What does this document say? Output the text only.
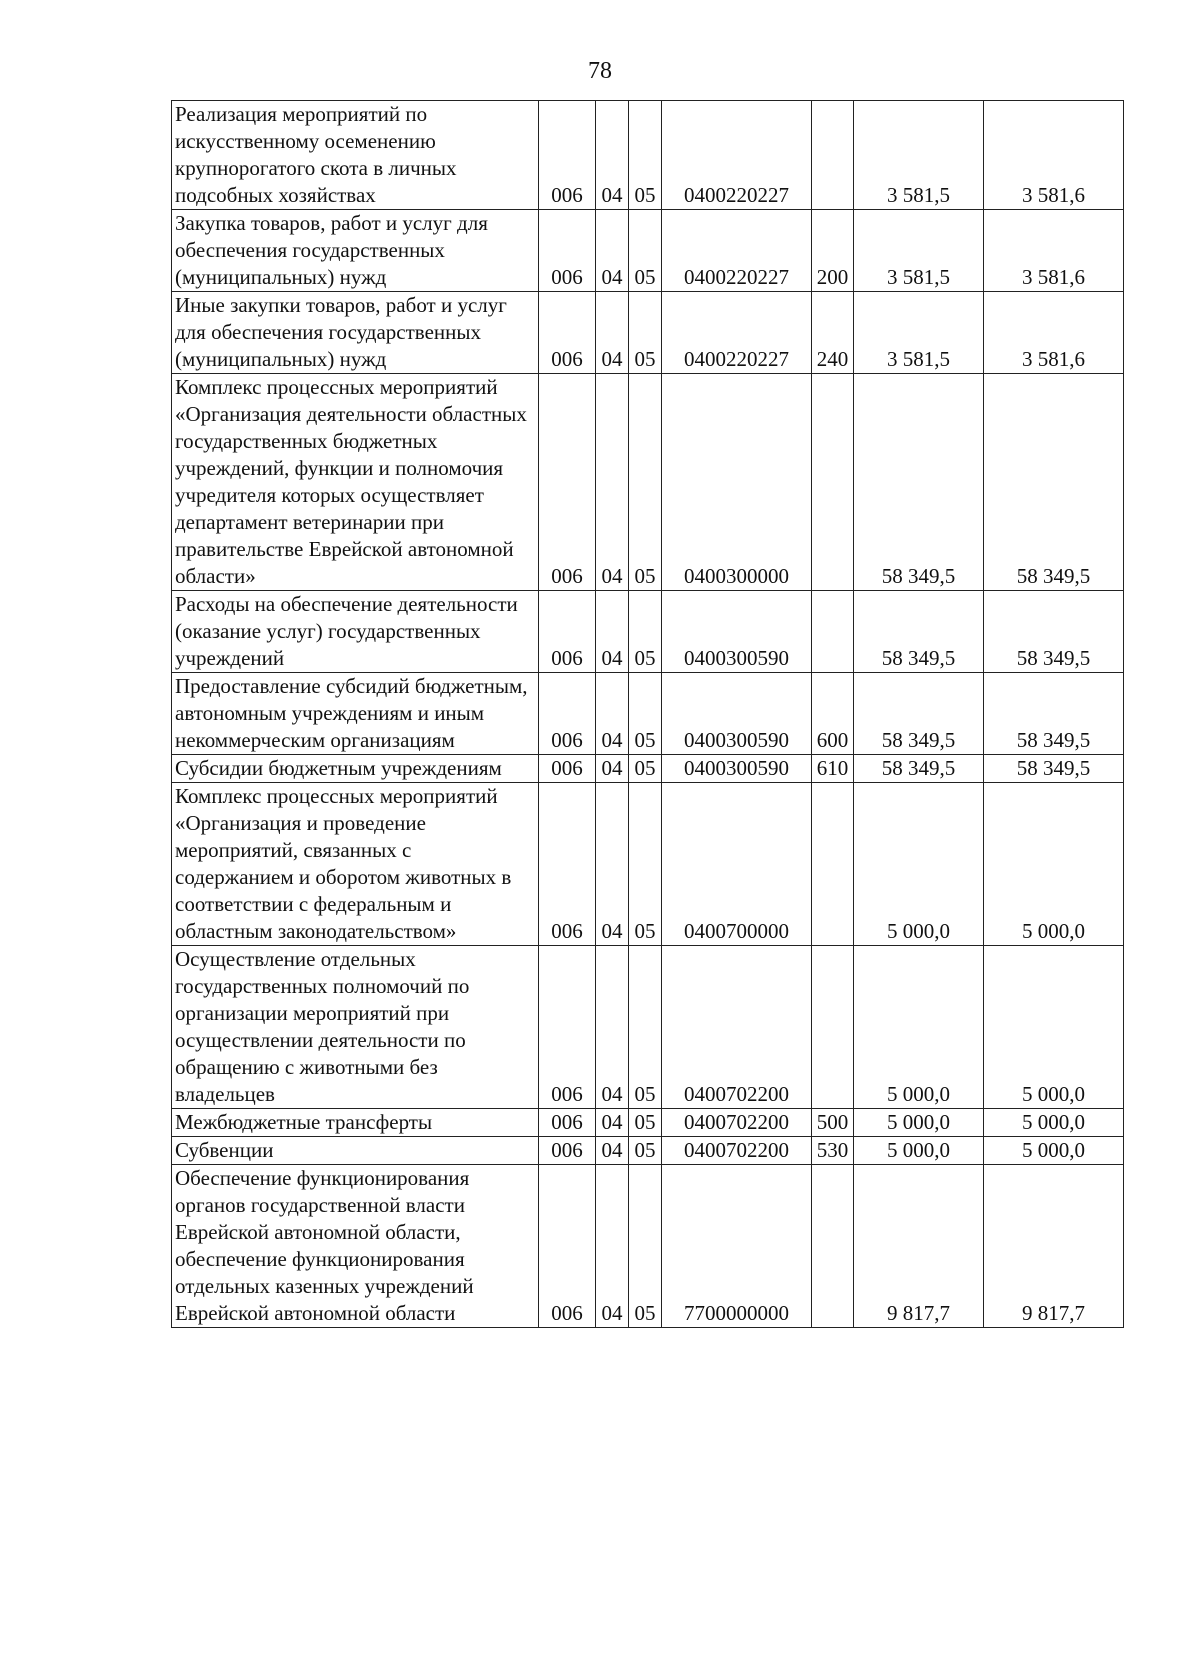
78
Реализация мероприятий по искусственному осеменению крупнорогатого скота в личных подсобных хозяйствах	006	04	05	0400220227		3 581,5	3 581,6
Закупка товаров, работ и услуг для обеспечения государственных (муниципальных) нужд	006	04	05	0400220227	200	3 581,5	3 581,6
Иные закупки товаров, работ и услуг для обеспечения государственных (муниципальных) нужд	006	04	05	0400220227	240	3 581,5	3 581,6
Комплекс процессных мероприятий «Организация деятельности областных государственных бюджетных учреждений, функции и полномочия учредителя которых осуществляет департамент ветеринарии при правительстве Еврейской автономной области»	006	04	05	0400300000		58 349,5	58 349,5
Расходы на обеспечение деятельности (оказание услуг) государственных учреждений	006	04	05	0400300590		58 349,5	58 349,5
Предоставление субсидий бюджетным, автономным учреждениям и иным некоммерческим организациям	006	04	05	0400300590	600	58 349,5	58 349,5
Субсидии бюджетным учреждениям	006	04	05	0400300590	610	58 349,5	58 349,5
Комплекс процессных мероприятий «Организация и проведение мероприятий, связанных с содержанием и оборотом животных в соответствии с федеральным и областным законодательством»	006	04	05	0400700000		5 000,0	5 000,0
Осуществление отдельных государственных полномочий по организации мероприятий при осуществлении деятельности по обращению с животными без владельцев	006	04	05	0400702200		5 000,0	5 000,0
Межбюджетные трансферты	006	04	05	0400702200	500	5 000,0	5 000,0
Субвенции	006	04	05	0400702200	530	5 000,0	5 000,0
Обеспечение функционирования органов государственной власти Еврейской автономной области, обеспечение функционирования отдельных казенных учреждений Еврейской автономной области	006	04	05	7700000000		9 817,7	9 817,7
